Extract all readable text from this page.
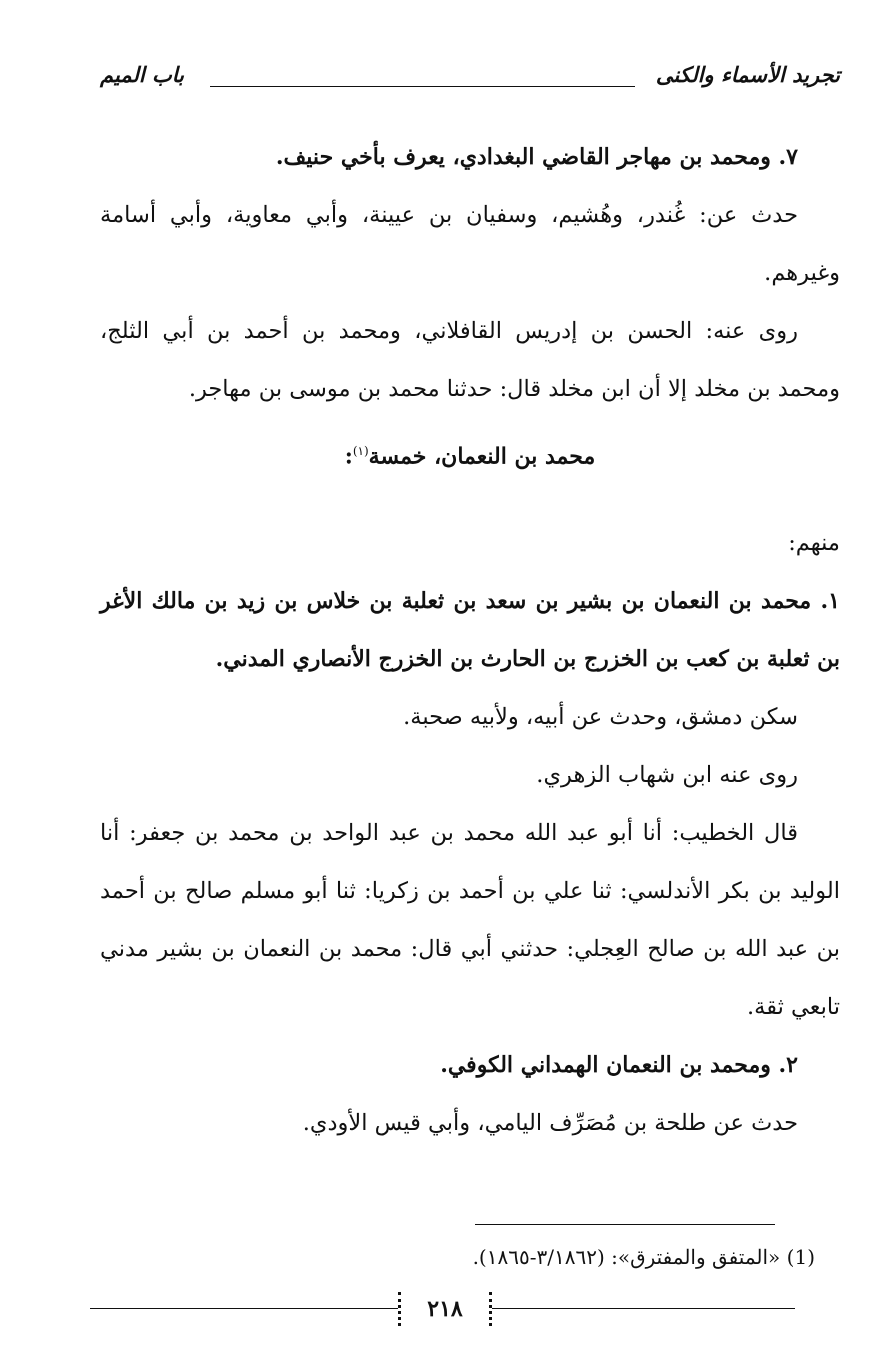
تجريد الأسماء والكنى
باب الميم

٧. ومحمد بن مهاجر القاضي البغدادي، يعرف بأخي حنيف.

حدث عن: غُندر، وهُشيم، وسفيان بن عيينة، وأبي معاوية، وأبي أسامة وغيرهم.

روى عنه: الحسن بن إدريس القافلاني، ومحمد بن أحمد بن أبي الثلج، ومحمد بن مخلد إلا أن ابن مخلد قال: حدثنا محمد بن موسى بن مهاجر.

محمد بن النعمان، خمسة$^{(١)}$:

منهم:

١. محمد بن النعمان بن بشير بن سعد بن ثعلبة بن خلاس بن زيد بن مالك الأغر بن ثعلبة بن كعب بن الخزرج بن الحارث بن الخزرج الأنصاري المدني.

سكن دمشق، وحدث عن أبيه، ولأبيه صحبة.

روى عنه ابن شهاب الزهري.

قال الخطيب: أنا أبو عبد الله محمد بن عبد الواحد بن محمد بن جعفر: أنا الوليد بن بكر الأندلسي: ثنا علي بن أحمد بن زكريا: ثنا أبو مسلم صالح بن أحمد بن عبد الله بن صالح العِجلي: حدثني أبي قال: محمد بن النعمان بن بشير مدني تابعي ثقة.

٢. ومحمد بن النعمان الهمداني الكوفي.

حدث عن طلحة بن مُصَرِّف اليامي، وأبي قيس الأودي.

(1) «المتفق والمفترق»: (٣/١٨٦٢-١٨٦٥).
٢١٨
